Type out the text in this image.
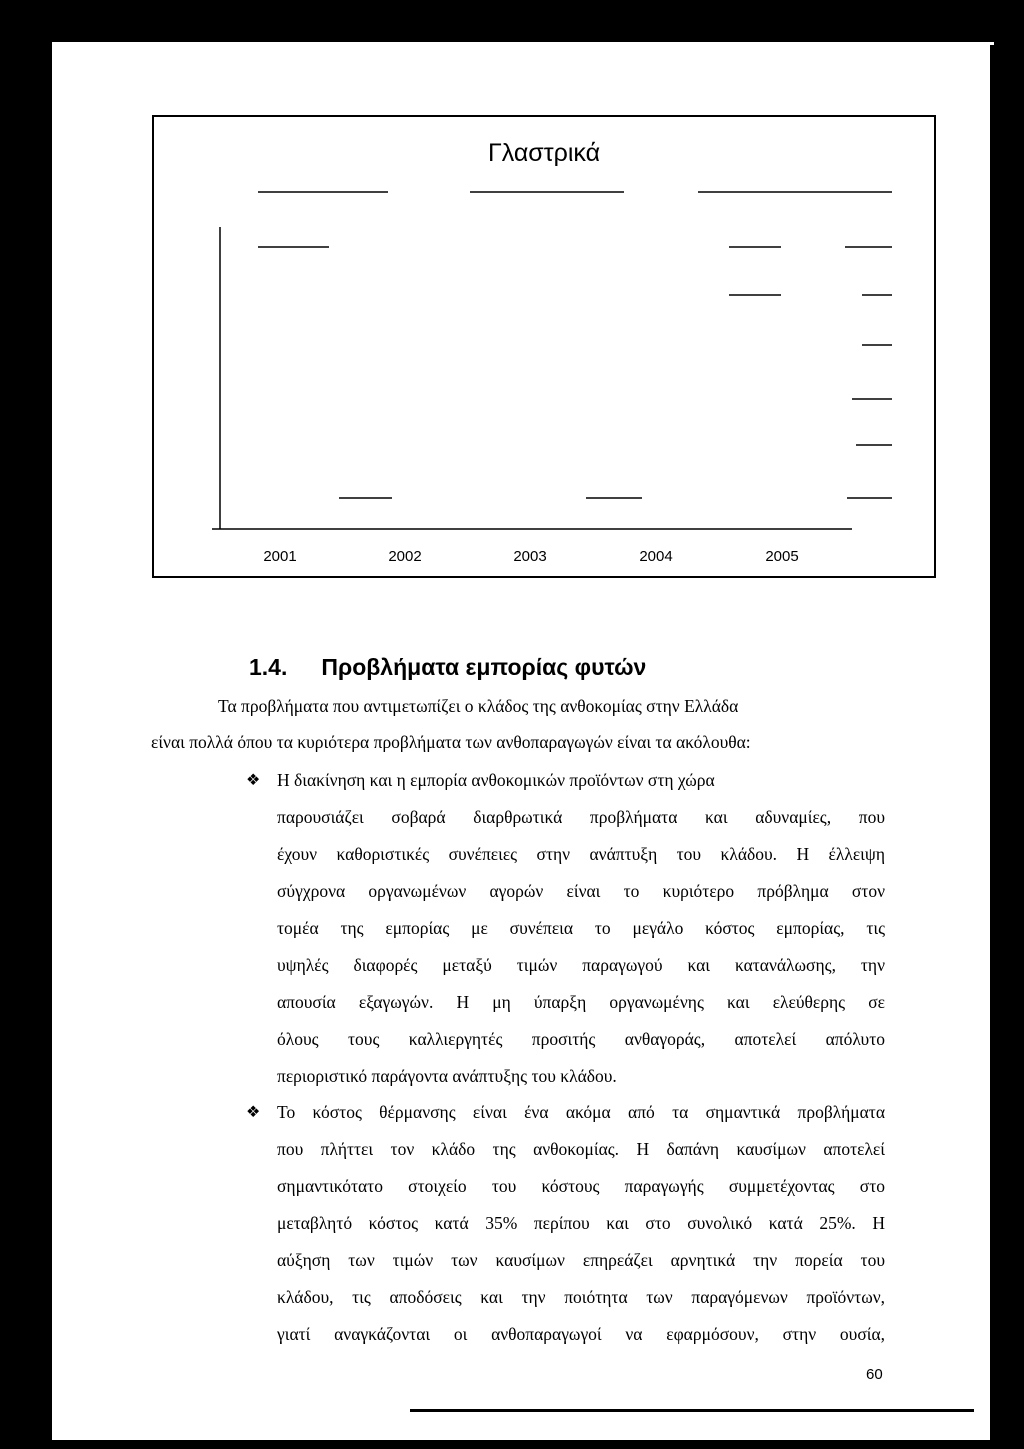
Γλαστρικά
2001	2002	2003	2004	2005
1.4. Προβλήματα εμπορίας φυτών
Τα προβλήματα που αντιμετωπίζει ο κλάδος της ανθοκομίας στην Ελλάδα
είναι πολλά όπου τα κυριότερα προβλήματα των ανθοπαραγωγών είναι τα ακόλουθα:
❖ Η διακίνηση και η εμπορία ανθοκομικών προϊόντων στη χώρα
παρουσιάζει σοβαρά διαρθρωτικά προβλήματα και αδυναμίες, που
έχουν καθοριστικές συνέπειες στην ανάπτυξη του κλάδου. Η έλλειψη
σύγχρονα οργανωμένων αγορών είναι το κυριότερο πρόβλημα στον
τομέα της εμπορίας με συνέπεια το μεγάλο κόστος εμπορίας, τις
υψηλές διαφορές μεταξύ τιμών παραγωγού και κατανάλωσης, την
απουσία εξαγωγών. Η μη ύπαρξη οργανωμένης και ελεύθερης σε
όλους τους καλλιεργητές προσιτής ανθαγοράς, αποτελεί απόλυτο
περιοριστικό παράγοντα ανάπτυξης του κλάδου.
❖ Το κόστος θέρμανσης είναι ένα ακόμα από τα σημαντικά προβλήματα
που πλήττει τον κλάδο της ανθοκομίας. Η δαπάνη καυσίμων αποτελεί
σημαντικότατο στοιχείο του κόστους παραγωγής συμμετέχοντας στο
μεταβλητό κόστος κατά 35% περίπου και στο συνολικό κατά 25%. Η
αύξηση των τιμών των καυσίμων επηρεάζει αρνητικά την πορεία του
κλάδου, τις αποδόσεις και την ποιότητα των παραγόμενων προϊόντων,
γιατί αναγκάζονται οι ανθοπαραγωγοί να εφαρμόσουν, στην ουσία,
60
